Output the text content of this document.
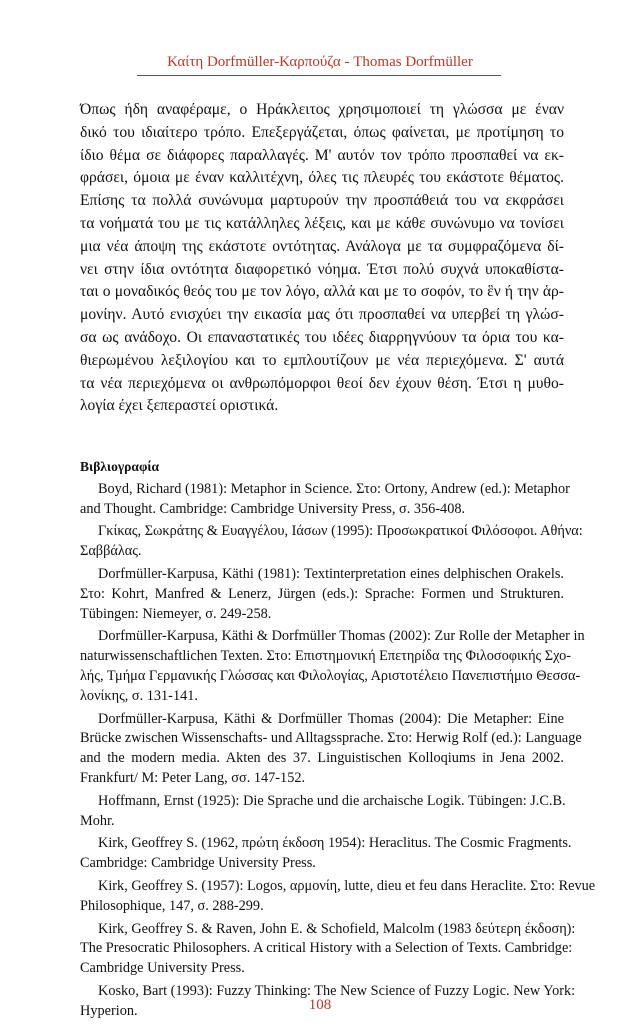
Καίτη Dorfmüller-Καρπούζα - Thomas Dorfmüller
Όπως ήδη αναφέραμε, ο Ηράκλειτος χρησιμοποιεί τη γλώσσα με έναν
δικό του ιδιαίτερο τρόπο. Επεξεργάζεται, όπως φαίνεται, με προτίμηση το
ίδιο θέμα σε διάφορες παραλλαγές. Μ' αυτόν τον τρόπο προσπαθεί να εκ-
φράσει, όμοια με έναν καλλιτέχνη, όλες τις πλευρές του εκάστοτε θέματος.
Επίσης τα πολλά συνώνυμα μαρτυρούν την προσπάθειά του να εκφράσει
τα νοήματά του με τις κατάλληλες λέξεις, και με κάθε συνώνυμο να τονίσει
μια νέα άποψη της εκάστοτε οντότητας. Ανάλογα με τα συμφραζόμενα δί-
νει στην ίδια οντότητα διαφορετικό νόημα. Έτσι πολύ συχνά υποκαθίστα-
ται ο μοναδικός θεός του με τον λόγο, αλλά και με το σοφόν, το ἓν ή την ἁρ-
μονίην. Αυτό ενισχύει την εικασία μας ότι προσπαθεί να υπερβεί τη γλώσ-
σα ως ανάδοχο. Οι επαναστατικές του ιδέες διαρρηγνύουν τα όρια του κα-
θιερωμένου λεξιλογίου και το εμπλουτίζουν με νέα περιεχόμενα. Σ' αυτά
τα νέα περιεχόμενα οι ανθρωπόμορφοι θεοί δεν έχουν θέση. Έτσι η μυθο-
λογία έχει ξεπεραστεί οριστικά.
Βιβλιογραφία
Boyd, Richard (1981): Metaphor in Science. Στο: Ortony, Andrew (ed.): Metaphor
and Thought. Cambridge: Cambridge University Press, σ. 356-408.
Γκίκας, Σωκράτης & Ευαγγέλου, Ιάσων (1995): Προσωκρατικοί Φιλόσοφοι. Αθήνα:
Σαββάλας.
Dorfmüller-Karpusa, Käthi (1981): Textinterpretation eines delphischen Orakels.
Στο: Kohrt, Manfred & Lenerz, Jürgen (eds.): Sprache: Formen und Strukturen.
Tübingen: Niemeyer, σ. 249-258.
Dorfmüller-Karpusa, Käthi & Dorfmüller Thomas (2002): Zur Rolle der Metapher in
naturwissenschaftlichen Texten. Στο: Επιστημονική Επετηρίδα της Φιλοσοφικής Σχο-
λής, Τμήμα Γερμανικής Γλώσσας και Φιλολογίας, Αριστοτέλειο Πανεπιστήμιο Θεσσα-
λονίκης, σ. 131-141.
Dorfmüller-Karpusa, Käthi & Dorfmüller Thomas (2004): Die Metapher: Eine
Brücke zwischen Wissenschafts- und Alltagssprache. Στο: Herwig Rolf (ed.): Language
and the modern media. Akten des 37. Linguistischen Kolloqiums in Jena 2002.
Frankfurt/ M: Peter Lang, σσ. 147-152.
Hoffmann, Ernst (1925): Die Sprache und die archaische Logik. Tübingen: J.C.B.
Mohr.
Kirk, Geoffrey S. (1962, πρώτη έκδοση 1954): Heraclitus. The Cosmic Fragments.
Cambridge: Cambridge University Press.
Kirk, Geoffrey S. (1957): Logos, αρμονίη, lutte, dieu et feu dans Heraclite. Στο: Revue
Philosophique, 147, σ. 288-299.
Kirk, Geoffrey S. & Raven, John E. & Schofield, Malcolm (1983 δεύτερη έκδοση):
The Presocratic Philosophers. A critical History with a Selection of Texts. Cambridge:
Cambridge University Press.
Kosko, Bart (1993): Fuzzy Thinking: The New Science of Fuzzy Logic. New York:
Hyperion.	108
